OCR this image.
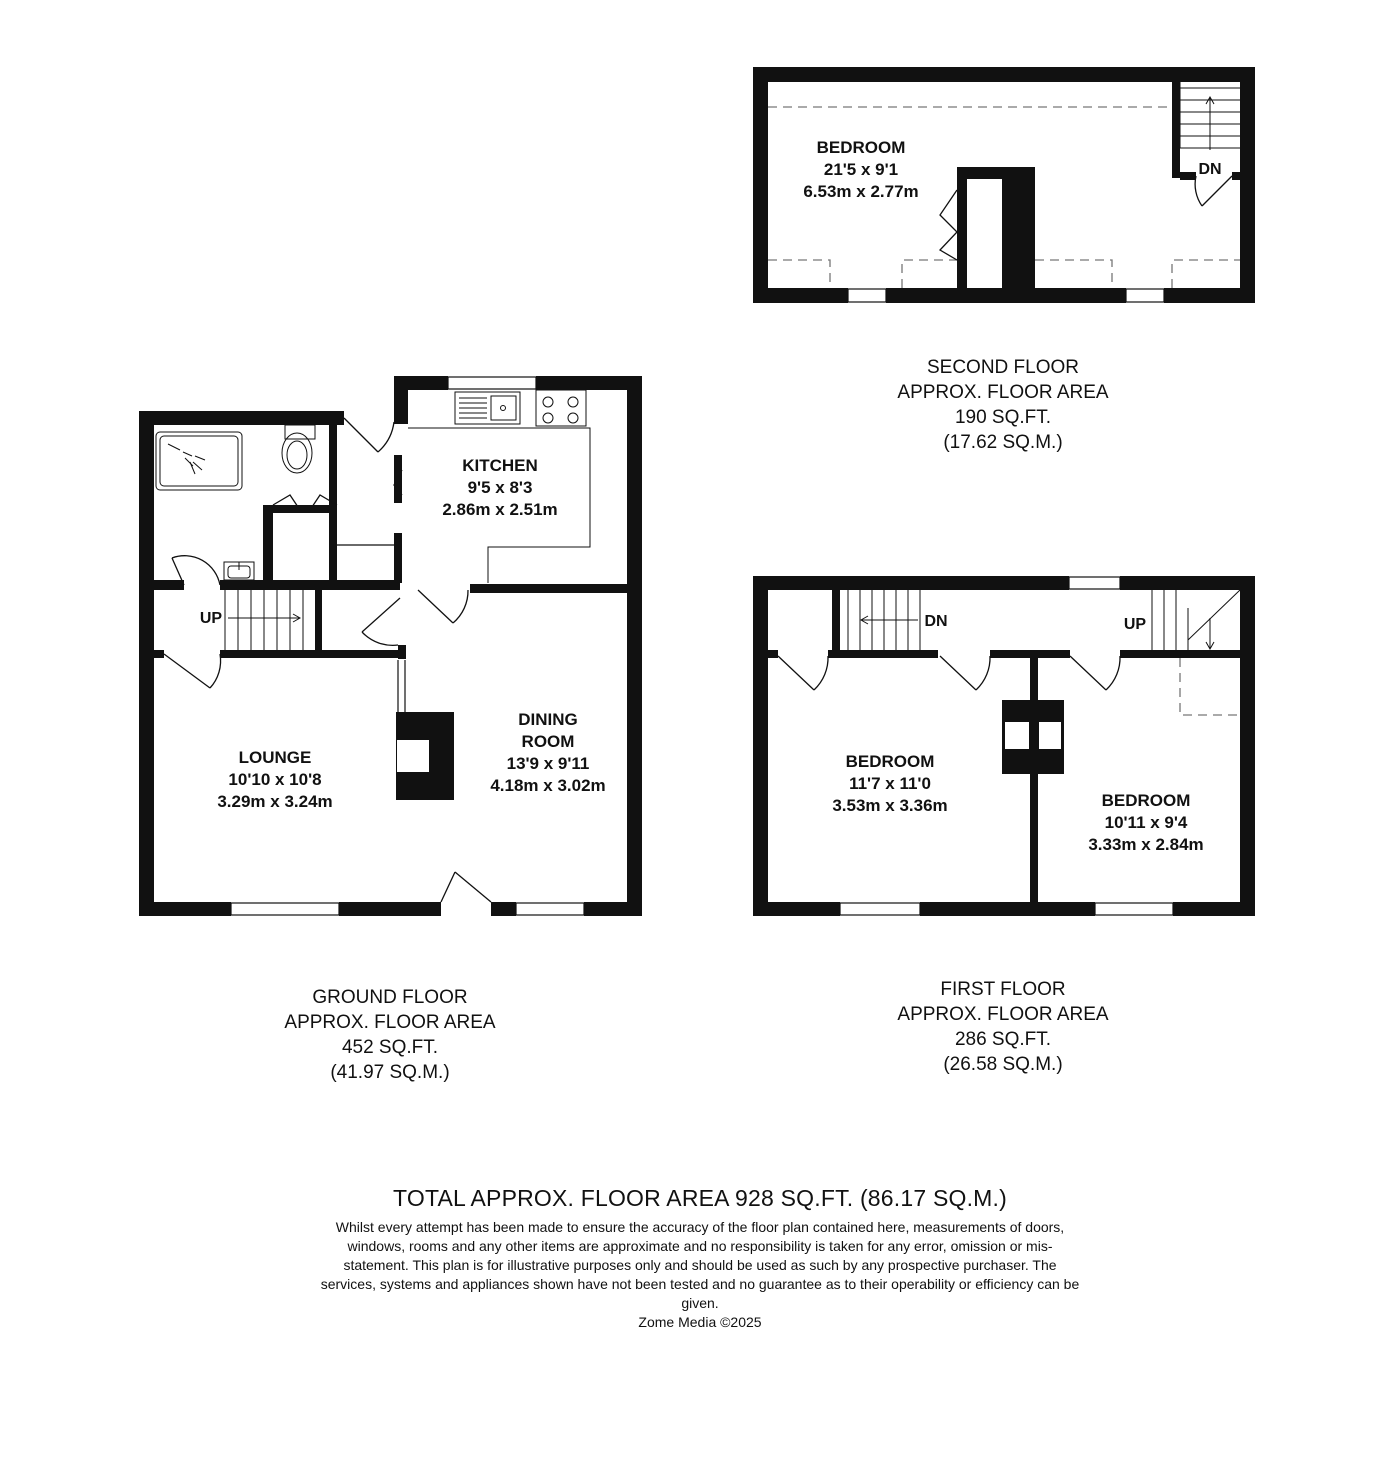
BEDROOM
21'5 x 9'1
6.53m x 2.77m
DN
SECOND FLOOR
APPROX. FLOOR AREA
190 SQ.FT.
(17.62 SQ.M.)
KITCHEN
9'5 x 8'3
2.86m x 2.51m
LOUNGE
10'10 x 10'8
3.29m x 3.24m
DINING
ROOM
13'9 x 9'11
4.18m x 3.02m
UP
GROUND FLOOR
APPROX. FLOOR AREA
452 SQ.FT.
(41.97 SQ.M.)
BEDROOM
11'7 x 11'0
3.53m x 3.36m	BEDROOM
10'11 x 9'4
3.33m x 2.84m
DN	UP
FIRST FLOOR
APPROX. FLOOR AREA
286 SQ.FT.
(26.58 SQ.M.)
TOTAL APPROX. FLOOR AREA 928 SQ.FT. (86.17 SQ.M.)
Whilst every attempt has been made to ensure the accuracy of the floor plan contained here, measurements of doors, windows, rooms and any other items are approximate and no responsibility is taken for any error, omission or mis-statement. This plan is for illustrative purposes only and should be used as such by any prospective purchaser. The services, systems and appliances shown have not been tested and no guarantee as to their operability or efficiency can be given.
Zome Media ©2025
